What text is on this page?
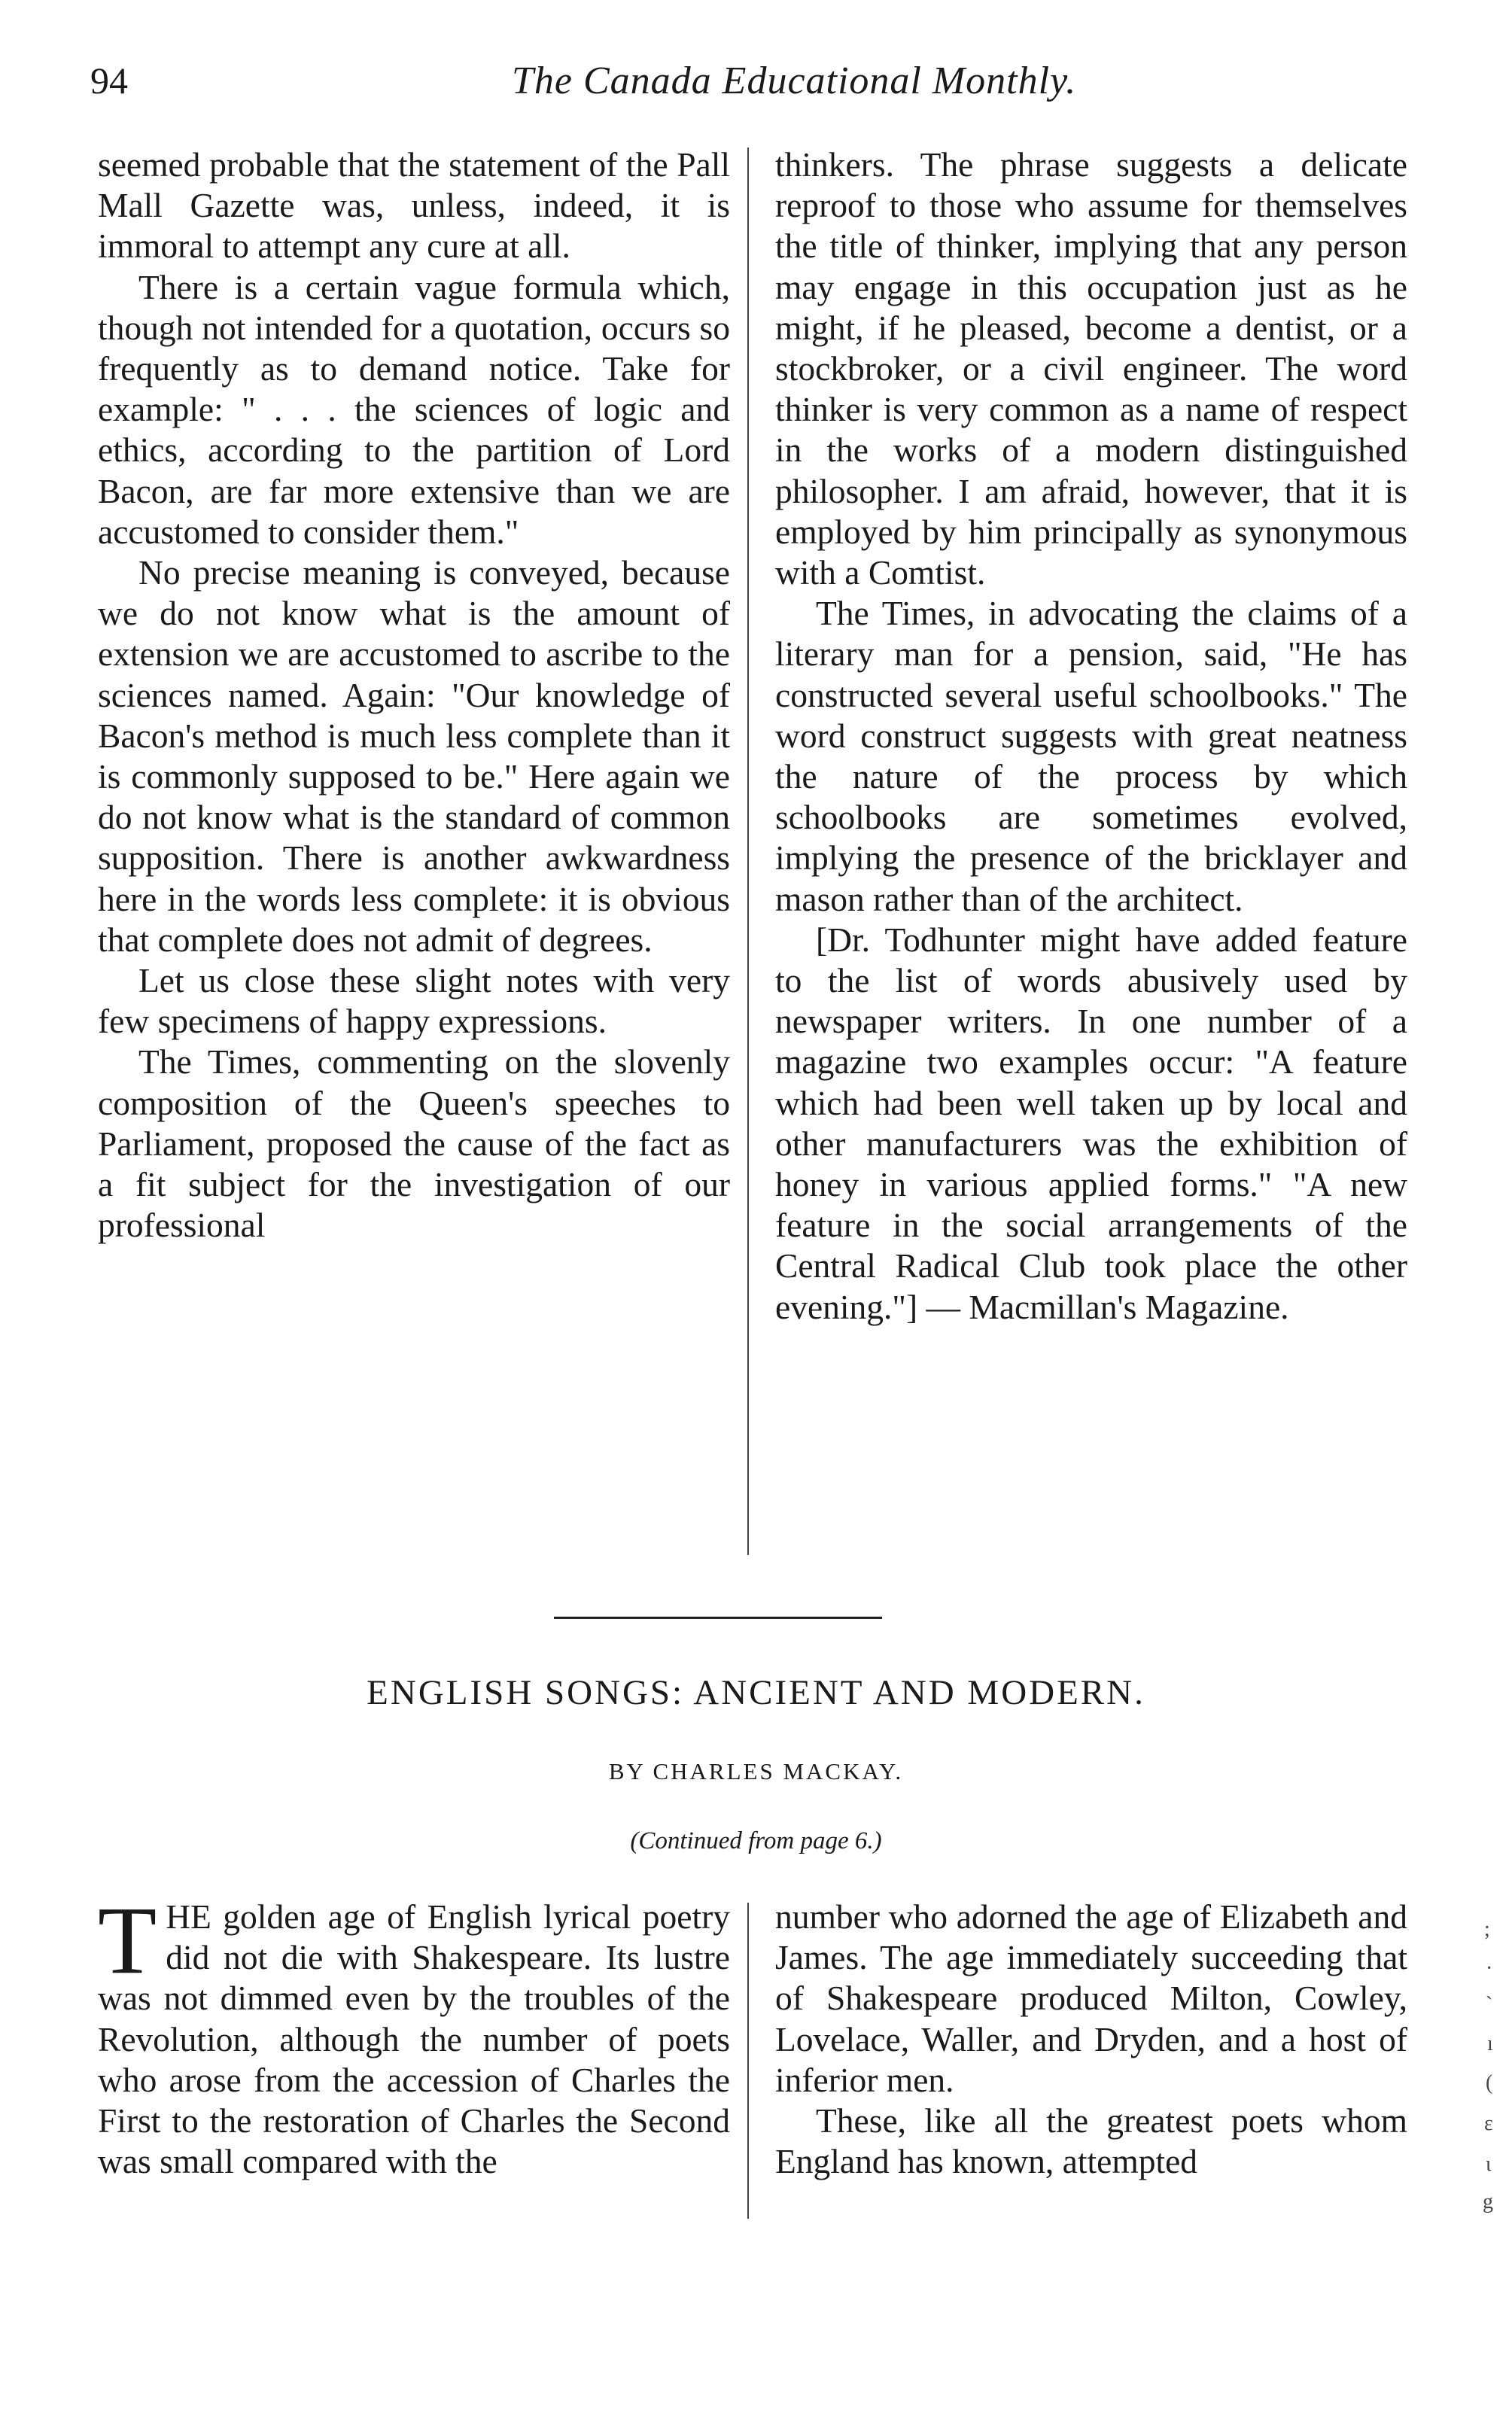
94	The Canada Educational Monthly.

seemed probable that the statement of the Pall Mall Gazette was, unless, indeed, it is immoral to attempt any cure at all.

There is a certain vague formula which, though not intended for a quotation, occurs so frequently as to demand notice. Take for example: " . . . the sciences of logic and ethics, according to the partition of Lord Bacon, are far more extensive than we are accustomed to consider them."

No precise meaning is conveyed, because we do not know what is the amount of extension we are accustomed to ascribe to the sciences named. Again: "Our knowledge of Bacon's method is much less complete than it is commonly supposed to be." Here again we do not know what is the standard of common supposition. There is another awkwardness here in the words less complete: it is obvious that complete does not admit of degrees.

Let us close these slight notes with very few specimens of happy expressions.

The Times, commenting on the slovenly composition of the Queen's speeches to Parliament, proposed the cause of the fact as a fit subject for the investigation of our professional

thinkers. The phrase suggests a delicate reproof to those who assume for themselves the title of thinker, implying that any person may engage in this occupation just as he might, if he pleased, become a dentist, or a stockbroker, or a civil engineer. The word thinker is very common as a name of respect in the works of a modern distinguished philosopher. I am afraid, however, that it is employed by him principally as synonymous with a Comtist.

The Times, in advocating the claims of a literary man for a pension, said, "He has constructed several useful schoolbooks." The word construct suggests with great neatness the nature of the process by which schoolbooks are sometimes evolved, implying the presence of the bricklayer and mason rather than of the architect.

[Dr. Todhunter might have added feature to the list of words abusively used by newspaper writers. In one number of a magazine two examples occur: "A feature which had been well taken up by local and other manufacturers was the exhibition of honey in various applied forms." "A new feature in the social arrangements of the Central Radical Club took place the other evening."] — Macmillan's Magazine.

ENGLISH SONGS: ANCIENT AND MODERN.
BY CHARLES MACKAY.
(Continued from page 6.)

THE golden age of English lyrical poetry did not die with Shakespeare. Its lustre was not dimmed even by the troubles of the Revolution, although the number of poets who arose from the accession of Charles the First to the restoration of Charles the Second was small compared with the

number who adorned the age of Elizabeth and James. The age immediately succeeding that of Shakespeare produced Milton, Cowley, Lovelace, Waller, and Dryden, and a host of inferior men.

These, like all the greatest poets whom England has known, attempted

;
·
`
ı
(
ε
ι
g
